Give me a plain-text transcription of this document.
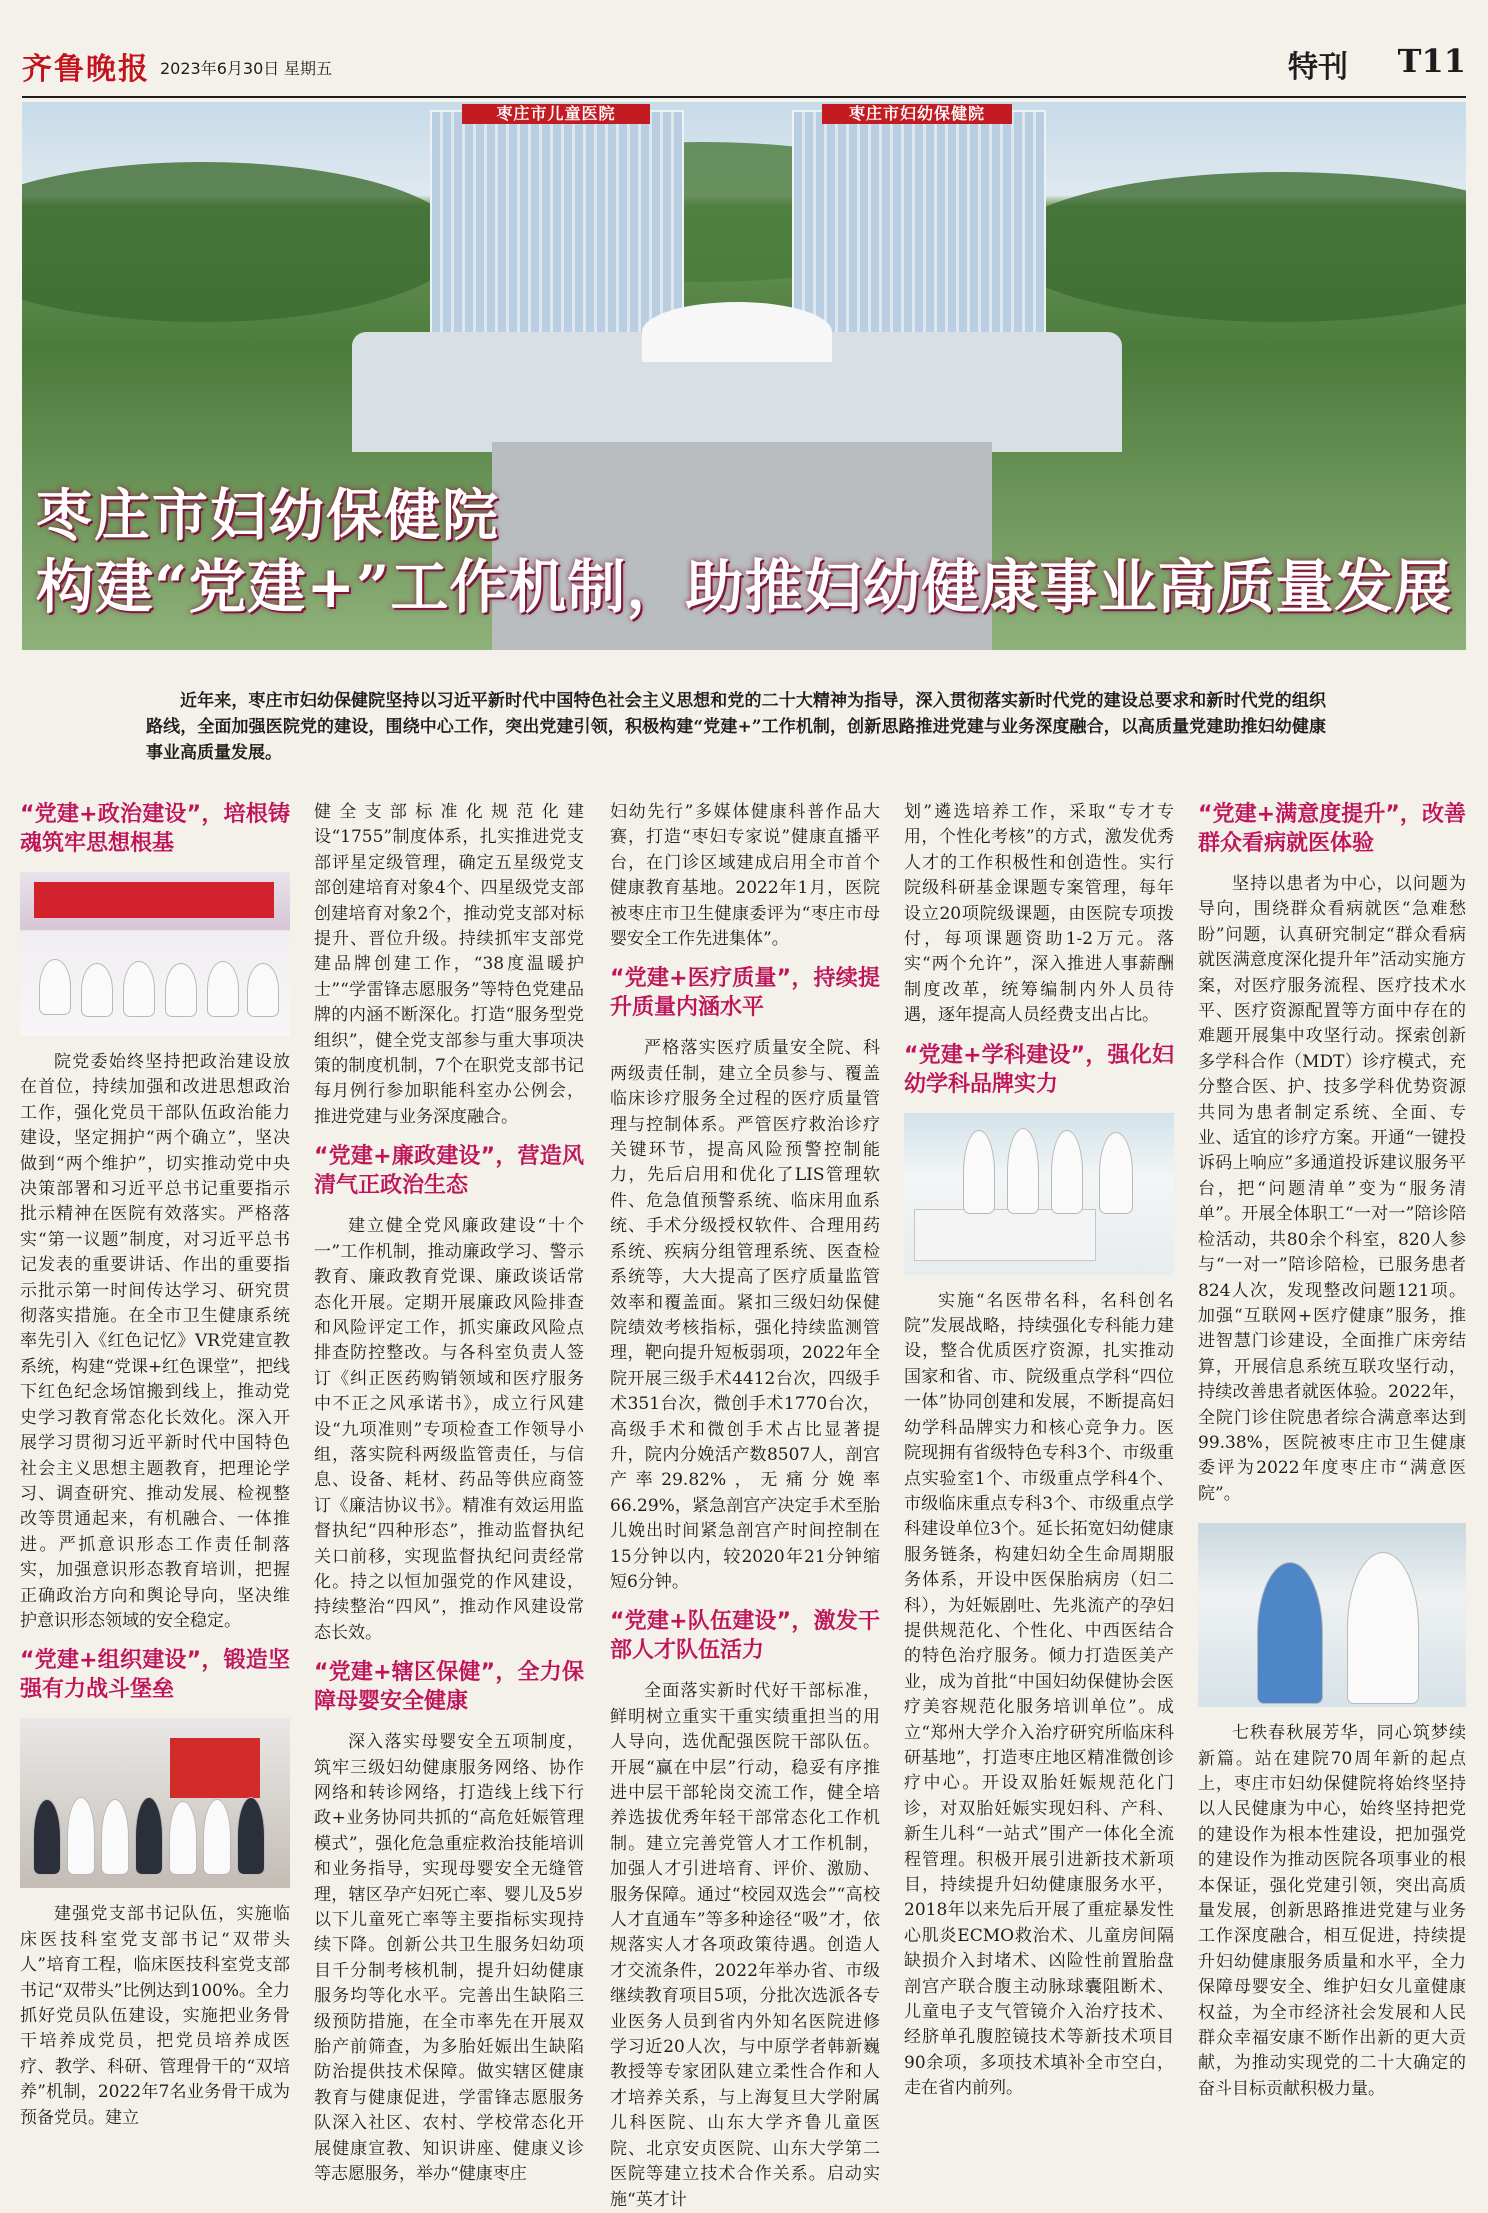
齐鲁晚报 2023年6月30日 星期五	特刊 T11
枣庄市儿童医院	枣庄市妇幼保健院
枣庄市妇幼保健院
构建“党建+”工作机制，助推妇幼健康事业高质量发展
近年来，枣庄市妇幼保健院坚持以习近平新时代中国特色社会主义思想和党的二十大精神为指导，深入贯彻落实新时代党的建设总要求和新时代党的组织路线，全面加强医院党的建设，围绕中心工作，突出党建引领，积极构建“党建+”工作机制，创新思路推进党建与业务深度融合，以高质量党建助推妇幼健康事业高质量发展。
“党建+政治建设”，培根铸魂筑牢思想根基

院党委始终坚持把政治建设放在首位，持续加强和改进思想政治工作，强化党员干部队伍政治能力建设，坚定拥护“两个确立”，坚决做到“两个维护”，切实推动党中央决策部署和习近平总书记重要指示批示精神在医院有效落实。严格落实“第一议题”制度，对习近平总书记发表的重要讲话、作出的重要指示批示第一时间传达学习、研究贯彻落实措施。在全市卫生健康系统率先引入《红色记忆》VR党建宣教系统，构建“党课+红色课堂”，把线下红色纪念场馆搬到线上，推动党史学习教育常态化长效化。深入开展学习贯彻习近平新时代中国特色社会主义思想主题教育，把理论学习、调查研究、推动发展、检视整改等贯通起来，有机融合、一体推进。严抓意识形态工作责任制落实，加强意识形态教育培训，把握正确政治方向和舆论导向，坚决维护意识形态领域的安全稳定。

“党建+组织建设”，锻造坚强有力战斗堡垒

建强党支部书记队伍，实施临床医技科室党支部书记“双带头人”培育工程，临床医技科室党支部书记“双带头”比例达到100%。全力抓好党员队伍建设，实施把业务骨干培养成党员，把党员培养成医疗、教学、科研、管理骨干的“双培养”机制，2022年7名业务骨干成为预备党员。建立

健全支部标准化规范化建设“1755”制度体系，扎实推进党支部评星定级管理，确定五星级党支部创建培育对象4个、四星级党支部创建培育对象2个，推动党支部对标提升、晋位升级。持续抓牢支部党建品牌创建工作，“38度温暖护士”“学雷锋志愿服务”等特色党建品牌的内涵不断深化。打造“服务型党组织”，健全党支部参与重大事项决策的制度机制，7个在职党支部书记每月例行参加职能科室办公例会，推进党建与业务深度融合。

“党建+廉政建设”，营造风清气正政治生态

建立健全党风廉政建设“十个一”工作机制，推动廉政学习、警示教育、廉政教育党课、廉政谈话常态化开展。定期开展廉政风险排查和风险评定工作，抓实廉政风险点排查防控整改。与各科室负责人签订《纠正医药购销领域和医疗服务中不正之风承诺书》，成立行风建设“九项准则”专项检查工作领导小组，落实院科两级监管责任，与信息、设备、耗材、药品等供应商签订《廉洁协议书》。精准有效运用监督执纪“四种形态”，推动监督执纪关口前移，实现监督执纪问责经常化。持之以恒加强党的作风建设，持续整治“四风”，推动作风建设常态长效。

“党建+辖区保健”，全力保障母婴安全健康

深入落实母婴安全五项制度，筑牢三级妇幼健康服务网络、协作网络和转诊网络，打造线上线下行政+业务协同共抓的“高危妊娠管理模式”，强化危急重症救治技能培训和业务指导，实现母婴安全无缝管理，辖区孕产妇死亡率、婴儿及5岁以下儿童死亡率等主要指标实现持续下降。创新公共卫生服务妇幼项目千分制考核机制，提升妇幼健康服务均等化水平。完善出生缺陷三级预防措施，在全市率先在开展双胎产前筛查，为多胎妊娠出生缺陷防治提供技术保障。做实辖区健康教育与健康促进，学雷锋志愿服务队深入社区、农村、学校常态化开展健康宣教、知识讲座、健康义诊等志愿服务，举办“健康枣庄

妇幼先行”多媒体健康科普作品大赛，打造“枣妇专家说”健康直播平台，在门诊区域建成启用全市首个健康教育基地。2022年1月，医院被枣庄市卫生健康委评为“枣庄市母婴安全工作先进集体”。

“党建+医疗质量”，持续提升质量内涵水平

严格落实医疗质量安全院、科两级责任制，建立全员参与、覆盖临床诊疗服务全过程的医疗质量管理与控制体系。严管医疗救治诊疗关键环节，提高风险预警控制能力，先后启用和优化了LIS管理软件、危急值预警系统、临床用血系统、手术分级授权软件、合理用药系统、疾病分组管理系统、医查检系统等，大大提高了医疗质量监管效率和覆盖面。紧扣三级妇幼保健院绩效考核指标，强化持续监测管理，靶向提升短板弱项，2022年全院开展三级手术4412台次，四级手术351台次，微创手术1770台次，高级手术和微创手术占比显著提升，院内分娩活产数8507人，剖宫产率29.82%，无痛分娩率66.29%，紧急剖宫产决定手术至胎儿娩出时间紧急剖宫产时间控制在15分钟以内，较2020年21分钟缩短6分钟。

“党建+队伍建设”，激发干部人才队伍活力

全面落实新时代好干部标准，鲜明树立重实干重实绩重担当的用人导向，选优配强医院干部队伍。开展“赢在中层”行动，稳妥有序推进中层干部轮岗交流工作，健全培养选拔优秀年轻干部常态化工作机制。建立完善党管人才工作机制，加强人才引进培育、评价、激励、服务保障。通过“校园双选会”“高校人才直通车”等多种途径“吸”才，依规落实人才各项政策待遇。创造人才交流条件，2022年举办省、市级继续教育项目5项，分批次选派各专业医务人员到省内外知名医院进修学习近20人次，与中原学者韩新巍教授等专家团队建立柔性合作和人才培养关系，与上海复旦大学附属儿科医院、山东大学齐鲁儿童医院、北京安贞医院、山东大学第二医院等建立技术合作关系。启动实施“英才计

划”遴选培养工作，采取“专才专用，个性化考核”的方式，激发优秀人才的工作积极性和创造性。实行院级科研基金课题专案管理，每年设立20项院级课题，由医院专项拨付，每项课题资助1-2万元。落实“两个允许”，深入推进人事薪酬制度改革，统筹编制内外人员待遇，逐年提高人员经费支出占比。

“党建+学科建设”，强化妇幼学科品牌实力

实施“名医带名科，名科创名院”发展战略，持续强化专科能力建设，整合优质医疗资源，扎实推动国家和省、市、院级重点学科“四位一体”协同创建和发展，不断提高妇幼学科品牌实力和核心竞争力。医院现拥有省级特色专科3个、市级重点实验室1个、市级重点学科4个、市级临床重点专科3个、市级重点学科建设单位3个。延长拓宽妇幼健康服务链条，构建妇幼全生命周期服务体系，开设中医保胎病房（妇二科），为妊娠剧吐、先兆流产的孕妇提供规范化、个性化、中西医结合的特色治疗服务。倾力打造医美产业，成为首批“中国妇幼保健协会医疗美容规范化服务培训单位”。成立“郑州大学介入治疗研究所临床科研基地”，打造枣庄地区精准微创诊疗中心。开设双胎妊娠规范化门诊，对双胎妊娠实现妇科、产科、新生儿科“一站式”围产一体化全流程管理。积极开展引进新技术新项目，持续提升妇幼健康服务水平，2018年以来先后开展了重症暴发性心肌炎ECMO救治术、儿童房间隔缺损介入封堵术、凶险性前置胎盘剖宫产联合腹主动脉球囊阻断术、儿童电子支气管镜介入治疗技术、经脐单孔腹腔镜技术等新技术项目90余项，多项技术填补全市空白，走在省内前列。

“党建+满意度提升”，改善群众看病就医体验

坚持以患者为中心，以问题为导向，围绕群众看病就医“急难愁盼”问题，认真研究制定“群众看病就医满意度深化提升年”活动实施方案，对医疗服务流程、医疗技术水平、医疗资源配置等方面中存在的难题开展集中攻坚行动。探索创新多学科合作（MDT）诊疗模式，充分整合医、护、技多学科优势资源共同为患者制定系统、全面、专业、适宜的诊疗方案。开通“一键投诉码上响应”多通道投诉建议服务平台，把“问题清单”变为“服务清单”。开展全体职工“一对一”陪诊陪检活动，共80余个科室，820人参与“一对一”陪诊陪检，已服务患者824人次，发现整改问题121项。加强“互联网+医疗健康”服务，推进智慧门诊建设，全面推广床旁结算，开展信息系统互联攻坚行动，持续改善患者就医体验。2022年，全院门诊住院患者综合满意率达到99.38%，医院被枣庄市卫生健康委评为2022年度枣庄市“满意医院”。

七秩春秋展芳华，同心筑梦续新篇。站在建院70周年新的起点上，枣庄市妇幼保健院将始终坚持以人民健康为中心，始终坚持把党的建设作为根本性建设，把加强党的建设作为推动医院各项事业的根本保证，强化党建引领，突出高质量发展，创新思路推进党建与业务工作深度融合，相互促进，持续提升妇幼健康服务质量和水平，全力保障母婴安全、维护妇女儿童健康权益，为全市经济社会发展和人民群众幸福安康不断作出新的更大贡献，为推动实现党的二十大确定的奋斗目标贡献积极力量。
